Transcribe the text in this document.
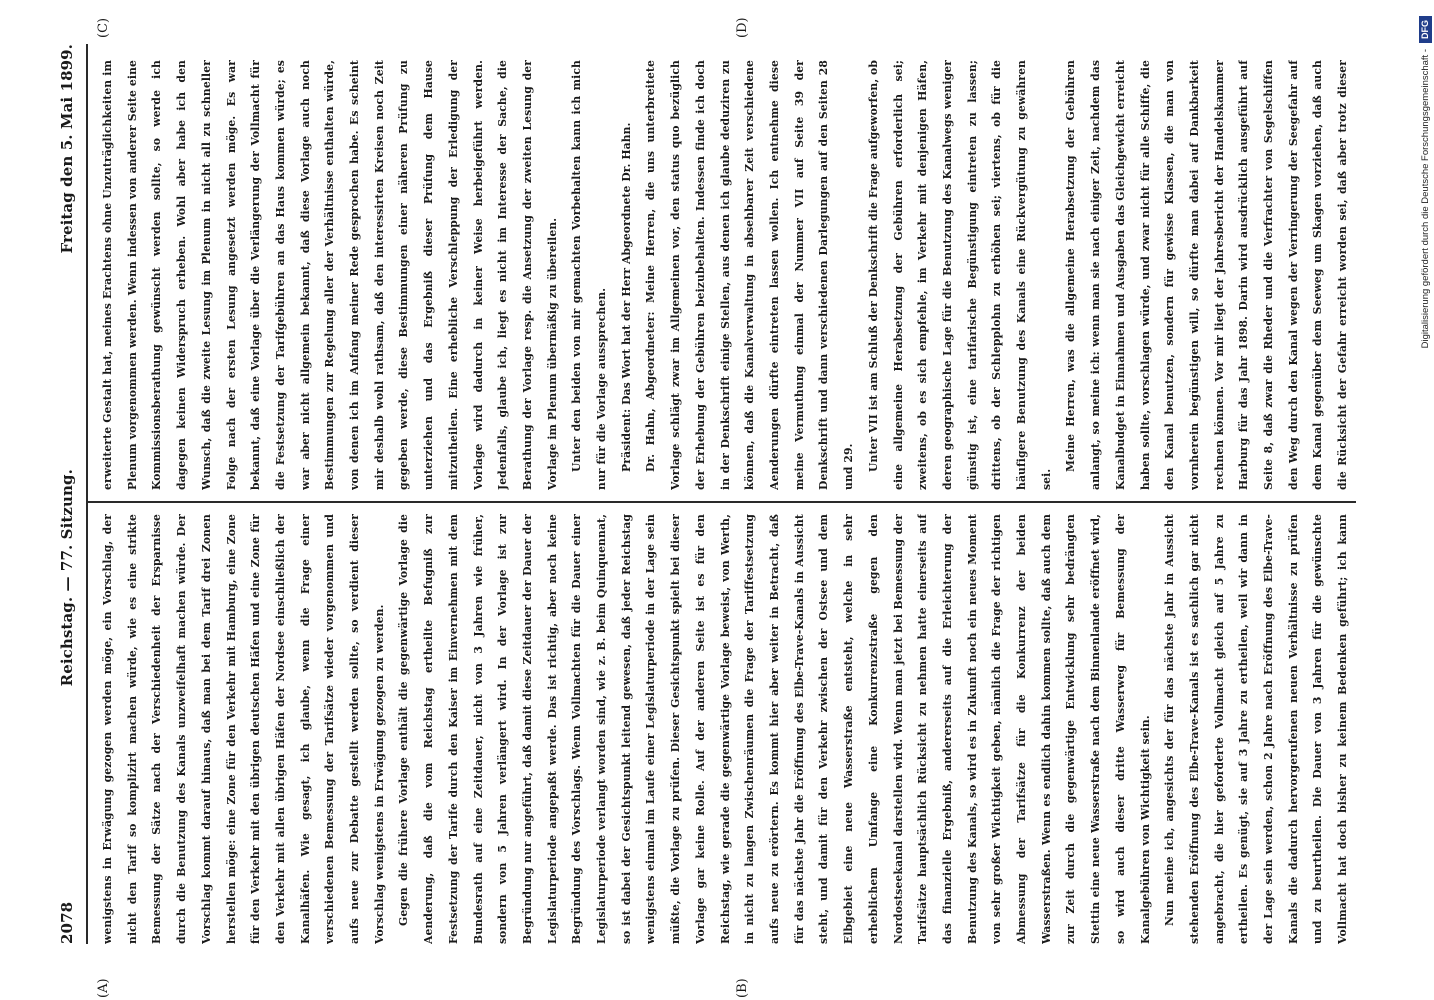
2078
Reichstag. — 77. Sitzung.
Freitag den 5. Mai 1899.
(A)	(B)
(C)	(D)

wenigstens in Erwägung gezogen werden möge, ein Vorschlag, der nicht den Tarif so komplizirt machen würde, wie es eine strikte Bemessung der Sätze nach der Verschiedenheit der Ersparnisse durch die Benutzung des Kanals unzweifelhaft machen würde. Der Vorschlag kommt darauf hinaus, daß man bei dem Tarif drei Zonen herstellen möge: eine Zone für den Verkehr mit Hamburg, eine Zone für den Verkehr mit den übrigen deutschen Häfen und eine Zone für den Verkehr mit allen übrigen Häfen der Nordsee einschließlich der Kanalhäfen. Wie gesagt, ich glaube, wenn die Frage einer verschiedenen Bemessung der Tarifsätze wieder vorgenommen und aufs neue zur Debatte gestellt werden sollte, so verdient dieser Vorschlag wenigstens in Erwägung gezogen zu werden.	Gegen die frühere Vorlage enthält die gegenwärtige Vorlage die Aenderung, daß die vom Reichstag ertheilte Befugniß zur Festsetzung der Tarife durch den Kaiser im Einvernehmen mit dem Bundesrath auf eine Zeitdauer, nicht von 3 Jahren wie früher, sondern von 5 Jahren verlängert wird. In der Vorlage ist zur Begründung nur angeführt, daß damit diese Zeitdauer der Dauer der Legislaturperiode angepaßt werde. Das ist richtig, aber noch keine Begründung des Vorschlags. Wenn Vollmachten für die Dauer einer Legislaturperiode verlangt worden sind, wie z. B. beim Quinquennat, so ist dabei der Gesichtspunkt leitend gewesen, daß jeder Reichstag wenigstens einmal im Laufe einer Legislaturperiode in der Lage sein müßte, die Vorlage zu prüfen. Dieser Gesichtspunkt spielt bei dieser Vorlage gar keine Rolle. Auf der anderen Seite ist es für den Reichstag, wie gerade die gegenwärtige Vorlage beweist, von Werth, in nicht zu langen Zwischenräumen die Frage der Tariffestsetzung aufs neue zu erörtern. Es kommt hier aber weiter in Betracht, daß für das nächste Jahr die Eröffnung des Elbe-Trave-Kanals in Aussicht steht, und damit für den Verkehr zwischen der Ostsee und dem Elbgebiet eine neue Wasserstraße entsteht, welche in sehr erheblichem Umfange eine Konkurrenzstraße gegen den Nordostseekanal darstellen wird. Wenn man jetzt bei Bemessung der Tarifsätze hauptsächlich Rücksicht zu nehmen hatte einerseits auf das finanzielle Ergebniß, andererseits auf die Erleichterung der Benutzung des Kanals, so wird es in Zukunft noch ein neues Moment von sehr großer Wichtigkeit geben, nämlich die Frage der richtigen Abmessung der Tarifsätze für die Konkurrenz der beiden Wasserstraßen. Wenn es endlich dahin kommen sollte, daß auch dem zur Zeit durch die gegenwärtige Entwicklung sehr bedrängten Stettin eine neue Wasserstraße nach dem Binnenlande eröffnet wird, so wird auch dieser dritte Wasserweg für Bemessung der Kanalgebühren von Wichtigkeit sein.	Nun meine ich, angesichts der für das nächste Jahr in Aussicht stehenden Eröffnung des Elbe-Trave-Kanals ist es sachlich gar nicht angebracht, die hier geforderte Vollmacht gleich auf 5 Jahre zu ertheilen. Es genügt, sie auf 3 Jahre zu ertheilen, weil wir dann in der Lage sein werden, schon 2 Jahre nach Eröffnung des Elbe-Trave-Kanals die dadurch hervorgerufenen neuen Verhältnisse zu prüfen und zu beurtheilen. Die Dauer von 3 Jahren für die gewünschte Vollmacht hat doch bisher zu keinem Bedenken geführt; ich kann

erweiterte Gestalt hat, meines Erachtens ohne Unzuträglichkeiten im Plenum vorgenommen werden. Wenn indessen von anderer Seite eine Kommissionsberathung gewünscht werden sollte, so werde ich dagegen keinen Widerspruch erheben. Wohl aber habe ich den Wunsch, daß die zweite Lesung im Plenum in nicht all zu schneller Folge nach der ersten Lesung angesetzt werden möge. Es war bekannt, daß eine Vorlage über die Verlängerung der Vollmacht für die Festsetzung der Tarifgebühren an das Haus kommen würde; es war aber nicht allgemein bekannt, daß diese Vorlage auch noch Bestimmungen zur Regelung aller der Verhältnisse enthalten würde, von denen ich im Anfang meiner Rede gesprochen habe. Es scheint mir deshalb wohl rathsam, daß den interessirten Kreisen noch Zeit gegeben werde, diese Bestimmungen einer näheren Prüfung zu unterziehen und das Ergebniß dieser Prüfung dem Hause mitzutheilen. Eine erhebliche Verschleppung der Erledigung der Vorlage wird dadurch in keiner Weise herbeigeführt werden. Jedenfalls, glaube ich, liegt es nicht im Interesse der Sache, die Berathung der Vorlage resp. die Ansetzung der zweiten Lesung der Vorlage im Plenum übermäßig zu übereilen.	Unter den beiden von mir gemachten Vorbehalten kann ich mich nur für die Vorlage aussprechen.	Präsident: Das Wort hat der Herr Abgeordnete Dr. Hahn.	Dr. Hahn, Abgeordneter: Meine Herren, die uns unterbreitete Vorlage schlägt zwar im Allgemeinen vor, den status quo bezüglich der Erhebung der Gebühren beizubehalten. Indessen finde ich doch in der Denkschrift einige Stellen, aus denen ich glaube deduziren zu können, daß die Kanalverwaltung in absehbarer Zeit verschiedene Aenderungen dürfte eintreten lassen wollen. Ich entnehme diese meine Vermuthung einmal der Nummer VII auf Seite 39 der Denkschrift und dann verschiedenen Darlegungen auf den Seiten 28 und 29.	Unter VII ist am Schluß der Denkschrift die Frage aufgeworfen, ob eine allgemeine Herabsetzung der Gebühren erforderlich sei; zweitens, ob es sich empfehle, im Verkehr mit denjenigen Häfen, deren geographische Lage für die Benutzung des Kanalwegs weniger günstig ist, eine tarifarische Begünstigung eintreten zu lassen; drittens, ob der Schlepplohn zu erhöhen sei; viertens, ob für die häufigere Benutzung des Kanals eine Rückvergütung zu gewähren sei.

Meine Herren, was die allgemeine Herabsetzung der Gebühren anlangt, so meine ich: wenn man sie nach einiger Zeit, nachdem das Kanalbudget in Einnahmen und Ausgaben das Gleichgewicht erreicht haben sollte, vorschlagen würde, und zwar nicht für alle Schiffe, die den Kanal benutzen, sondern für gewisse Klassen, die man von vornherein begünstigen will, so dürfte man dabei auf Dankbarkeit rechnen können. Vor mir liegt der Jahresbericht der Handelskammer Harburg für das Jahr 1898. Darin wird ausdrücklich ausgeführt auf Seite 8, daß zwar die Rheder und die Verfrachter von Segelschiffen den Weg durch den Kanal wegen der Verringerung der Seegefahr auf dem Kanal gegenüber dem Seeweg um Skagen vorziehen, daß auch die Rücksicht der Gefahr erreicht worden sei, daß aber trotz dieser	Digitalisierung gefördert durch die Deutsche Forschungsgemeinschaft -
DFG
